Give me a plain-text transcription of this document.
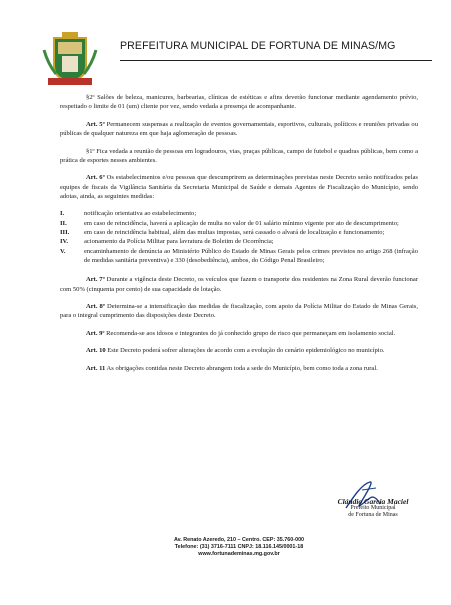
PREFEITURA MUNICIPAL DE FORTUNA DE MINAS/MG

§2º Salões de beleza, manicures, barbearias, clínicas de estéticas e afins deverão funcionar mediante agendamento prévio, respeitado o limite de 01 (um) cliente por vez, sendo vedada a presença de acompanhante.

Art. 5º Permanecem suspensas a realização de eventos governamentais, esportivos, culturais, políticos e reuniões privadas ou públicas de qualquer natureza em que haja aglomeração de pessoas.

§1º Fica vedada a reunião de pessoas em logradouros, vias, praças públicas, campo de futebol e quadras públicas, bem como a prática de esportes nesses ambientes.

Art. 6º Os estabelecimentos e/ou pessoas que descumprirem as determinações previstas neste Decreto serão notificados pelas equipes de fiscais da Vigilância Sanitária da Secretaria Municipal de Saúde e demais Agentes de Fiscalização do Município, sendo adotas, ainda, as seguintes medidas:

I.	notificação orientativa ao estabelecimento;
II.	em caso de reincidência, haverá a aplicação de multa no valor de 01 salário mínimo vigente por ato de descumprimento;
III. em caso de reincidência habitual, além das multas impostas, será cassado o alvará de localização e funcionamento;
IV. acionamento da Polícia Militar para lavratura de Boletim de Ocorrência;
V.	encaminhamento de denúncia ao Ministério Público do Estado de Minas Gerais pelos crimes previstos no artigo 268 (infração de medidas sanitária preventiva) e 330 (desobediência), ambos, do Código Penal Brasileiro;

Art. 7º Durante a vigência deste Decreto, os veículos que fazem o transporte dos residentes na Zona Rural deverão funcionar com 50% (cinquenta por cento) de sua capacidade de lotação.

Art. 8º Determina-se a intensificação das medidas de fiscalização, com apoio da Polícia Militar do Estado de Minas Gerais, para o integral cumprimento das disposições deste Decreto.

Art. 9º Recomenda-se aos idosos e integrantes do já conhecido grupo de risco que permaneçam em isolamento social.

Art. 10 Este Decreto poderá sofrer alterações de acordo com a evolução do cenário epidemiológico no município.

Art. 11 As obrigações contidas neste Decreto abrangem toda a sede do Município, bem como toda a zona rural.

Cláudio Garcia Maciel
Prefeito Municipal
de Fortuna de Minas
Av. Renato Azeredo, 210 – Centro. CEP: 35.760-000
Telefone: (31) 3716-7111 CNPJ: 18.116.145/0001-18
www.fortunademinas.mg.gov.br
